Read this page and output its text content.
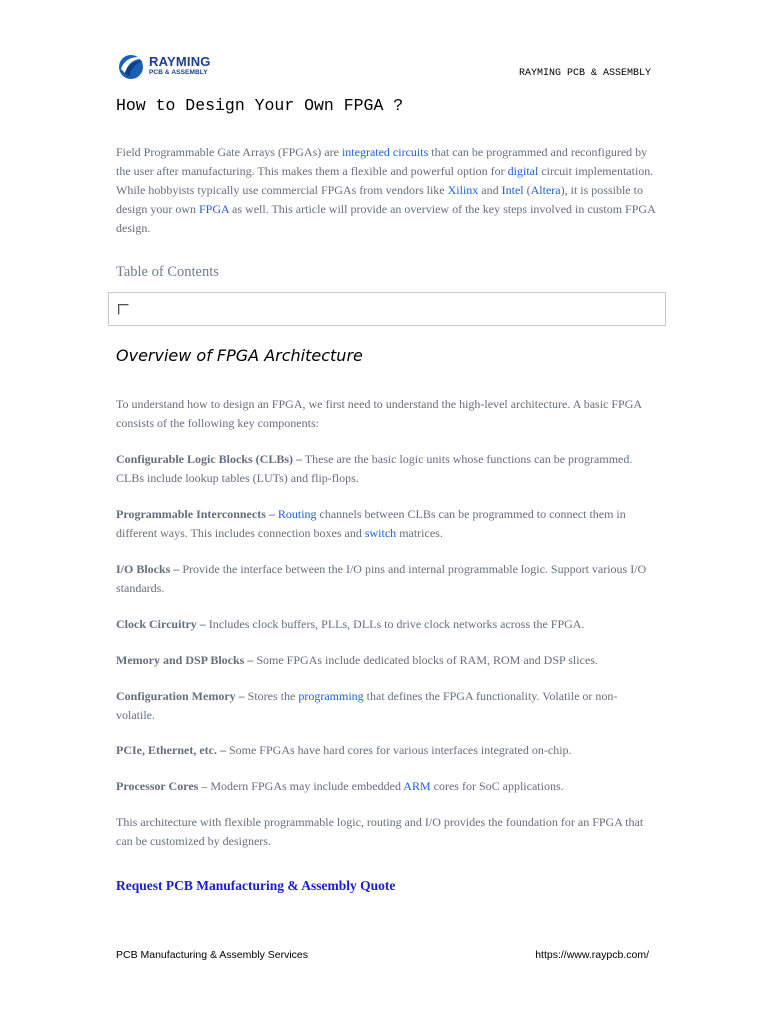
RAYMING
PCB & ASSEMBLY	RAYMING PCB & ASSEMBLY
How to Design Your Own FPGA ?

Field Programmable Gate Arrays (FPGAs) are integrated circuits that can be programmed and reconfigured by the user after manufacturing. This makes them a flexible and powerful option for digital circuit implementation. While hobbyists typically use commercial FPGAs from vendors like Xilinx and Intel (Altera), it is possible to design your own FPGA as well. This article will provide an overview of the key steps involved in custom FPGA design.

Table of Contents
Overview of FPGA Architecture

To understand how to design an FPGA, we first need to understand the high-level architecture. A basic FPGA consists of the following key components:

Configurable Logic Blocks (CLBs) – These are the basic logic units whose functions can be programmed. CLBs include lookup tables (LUTs) and flip-flops.

Programmable Interconnects – Routing channels between CLBs can be programmed to connect them in different ways. This includes connection boxes and switch matrices.

I/O Blocks – Provide the interface between the I/O pins and internal programmable logic. Support various I/O standards.

Clock Circuitry – Includes clock buffers, PLLs, DLLs to drive clock networks across the FPGA.

Memory and DSP Blocks – Some FPGAs include dedicated blocks of RAM, ROM and DSP slices.

Configuration Memory – Stores the programming that defines the FPGA functionality. Volatile or non-volatile.

PCIe, Ethernet, etc. – Some FPGAs have hard cores for various interfaces integrated on-chip.

Processor Cores – Modern FPGAs may include embedded ARM cores for SoC applications.

This architecture with flexible programmable logic, routing and I/O provides the foundation for an FPGA that can be customized by designers.

Request PCB Manufacturing & Assembly Quote
PCB Manufacturing & Assembly Services	https://www.raypcb.com/
